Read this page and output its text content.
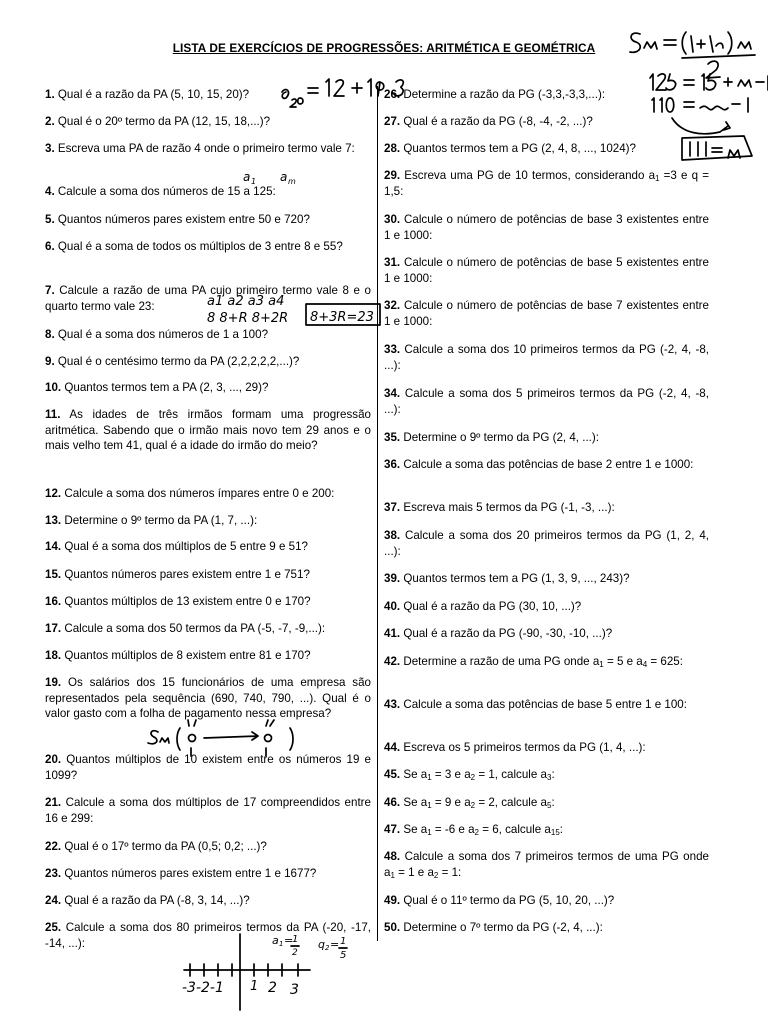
LISTA DE EXERCÍCIOS DE PROGRESSÕES: ARITMÉTICA E GEOMÉTRICA
1. Qual é a razão da PA (5, 10, 15, 20)?
2. Qual é o 20º termo da PA (12, 15, 18,...)?
3. Escreva uma PA de razão 4 onde o primeiro termo vale 7:
4. Calcule a soma dos números de 15 a 125:
5. Quantos números pares existem entre 50 e 720?
6. Qual é a soma de todos os múltiplos de 3 entre 8 e 55?
7. Calcule a razão de uma PA cujo primeiro termo vale 8 e o quarto termo vale 23:
8. Qual é a soma dos números de 1 a 100?
9. Qual é o centésimo termo da PA (2,2,2,2,2,...)?
10. Quantos termos tem a PA (2, 3, ..., 29)?
11. As idades de três irmãos formam uma progressão aritmética. Sabendo que o irmão mais novo tem 29 anos e o mais velho tem 41, qual é a idade do irmão do meio?
12. Calcule a soma dos números ímpares entre 0 e 200:
13. Determine o 9º termo da PA (1, 7, ...):
14. Qual é a soma dos múltiplos de 5 entre 9 e 51?
15. Quantos números pares existem entre 1 e 751?
16. Quantos múltiplos de 13 existem entre 0 e 170?
17. Calcule a soma dos 50 termos da PA (-5, -7, -9,...):
18. Quantos múltiplos de 8 existem entre 81 e 170?
19. Os salários dos 15 funcionários de uma empresa são representados pela sequência (690, 740, 790, ...). Qual é o valor gasto com a folha de pagamento nessa empresa?
20. Quantos múltiplos de 10 existem entre os números 19 e 1099?
21. Calcule a soma dos múltiplos de 17 compreendidos entre 16 e 299:
22. Qual é o 17º termo da PA (0,5; 0,2; ...)?
23. Quantos números pares existem entre 1 e 1677?
24. Qual é a razão da PA (-8, 3, 14, ...)?
25. Calcule a soma dos 80 primeiros termos da PA (-20, -17, -14, ...):
26. Determine a razão da PG (-3,3,-3,3,...):
27. Qual é a razão da PG (-8, -4, -2, ...)?
28. Quantos termos tem a PG (2, 4, 8, ..., 1024)?
29. Escreva uma PG de 10 termos, considerando $a_1 =3$ e q = 1,5:
30. Calcule o número de potências de base 3 existentes entre 1 e 1000:
31. Calcule o número de potências de base 5 existentes entre 1 e 1000:
32. Calcule o número de potências de base 7 existentes entre 1 e 1000:
33. Calcule a soma dos 10 primeiros termos da PG (-2, 4, -8, ...):
34. Calcule a soma dos 5 primeiros termos da PG (-2, 4, -8, ...):
35. Determine o 9º termo da PG (2, 4, ...):
36. Calcule a soma das potências de base 2 entre 1 e 1000:
37. Escreva mais 5 termos da PG (-1, -3, ...):
38. Calcule a soma dos 20 primeiros termos da PG (1, 2, 4, ...):
39. Quantos termos tem a PG (1, 3, 9, ..., 243)?
40. Qual é a razão da PG (30, 10, ...)?
41. Qual é a razão da PG (-90, -30, -10, ...)?
42. Determine a razão de uma PG onde $a_1 = 5$ e $a_4 = 625$:
43. Calcule a soma das potências de base 5 entre 1 e 100:
44. Escreva os 5 primeiros termos da PG (1, 4, ...):
45. Se $a_1 = 3$ e $a_2 = 1$, calcule $a_3$:
46. Se $a_1 = 9$ e $a_2 = 2$, calcule $a_5$:
47. Se $a_1 = -6$ e $a_2 = 6$, calcule $a_{15}$:
48. Calcule a soma dos 7 primeiros termos de uma PG onde $a_1 = 1$ e $a_2 = 1$:
49. Qual é o 11º termo da PG (5, 10, 20, ...)?
50. Determine o 7º termo da PG (-2, 4, ...):
a 1 a m
a1 a2 a3 a4
8 8+R 8+2R 8+3R=23
-3-2-1 1 2 3
a 1 =
1
2
q 2 = 1
5
